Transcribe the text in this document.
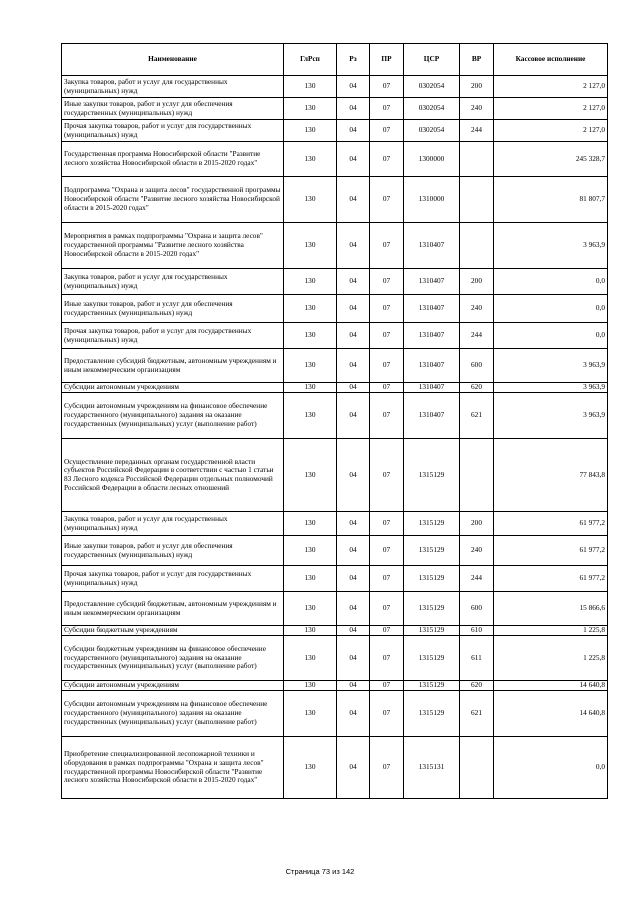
Наименование	ГлРсп	Рз	ПР	ЦСР	ВР	Кассовое исполнение
Закупка товаров, работ и услуг для государственных (муниципальных) нужд	130	04	07	0302054	200	2 127,0
Иные закупки товаров, работ и услуг для обеспечения государственных (муниципальных) нужд	130	04	07	0302054	240	2 127,0
Прочая закупка товаров, работ и услуг для государственных (муниципальных) нужд	130	04	07	0302054	244	2 127,0
Государственная программа Новосибирской области "Развитие лесного хозяйства Новосибирской области в 2015-2020 годах"	130	04	07	1300000		245 328,7
Подпрограмма "Охрана и защита лесов" государственной программы Новосибирской области "Развитие лесного хозяйства Новосибирской области в 2015-2020 годах"	130	04	07	1310000		81 807,7
Мероприятия в рамках подпрограммы "Охрана и защита лесов" государственной программы "Развитие лесного хозяйства Новосибирской области в 2015-2020 годах"	130	04	07	1310407		3 963,9
Закупка товаров, работ и услуг для государственных (муниципальных) нужд	130	04	07	1310407	200	0,0
Иные закупки товаров, работ и услуг для обеспечения государственных (муниципальных) нужд	130	04	07	1310407	240	0,0
Прочая закупка товаров, работ и услуг для государственных (муниципальных) нужд	130	04	07	1310407	244	0,0
Предоставление субсидий бюджетным, автономным учреждениям и иным некоммерческим организациям	130	04	07	1310407	600	3 963,9
Субсидии автономным учреждениям	130	04	07	1310407	620	3 963,9
Субсидии автономным учреждениям на финансовое обеспечение государственного (муниципального) задания на оказание государственных (муниципальных) услуг (выполнение работ)	130	04	07	1310407	621	3 963,9
Осуществление переданных органам государственной власти субъектов Российской Федерации в соответствии с частью 1 статьи 83 Лесного кодекса Российской Федерации отдельных полномочий Российской Федерации в области лесных отношений	130	04	07	1315129		77 843,8
Закупка товаров, работ и услуг для государственных (муниципальных) нужд	130	04	07	1315129	200	61 977,2
Иные закупки товаров, работ и услуг для обеспечения государственных (муниципальных) нужд	130	04	07	1315129	240	61 977,2
Прочая закупка товаров, работ и услуг для государственных (муниципальных) нужд	130	04	07	1315129	244	61 977,2
Предоставление субсидий бюджетным, автономным учреждениям и иным некоммерческим организациям	130	04	07	1315129	600	15 866,6
Субсидии бюджетным учреждениям	130	04	07	1315129	610	1 225,8
Субсидии бюджетным учреждениям на финансовое обеспечение государственного (муниципального) задания на оказание государственных (муниципальных) услуг (выполнение работ)	130	04	07	1315129	611	1 225,8
Субсидии автономным учреждениям	130	04	07	1315129	620	14 640,8
Субсидии автономным учреждениям на финансовое обеспечение государственного (муниципального) задания на оказание государственных (муниципальных) услуг (выполнение работ)	130	04	07	1315129	621	14 640,8
Приобретение специализированной лесопожарной техники и оборудования в рамках подпрограммы "Охрана и защита лесов" государственной программы Новосибирской области "Развитие лесного хозяйства Новосибирской области в 2015-2020 годах"	130	04	07	1315131		0,0
Страница 73 из 142
